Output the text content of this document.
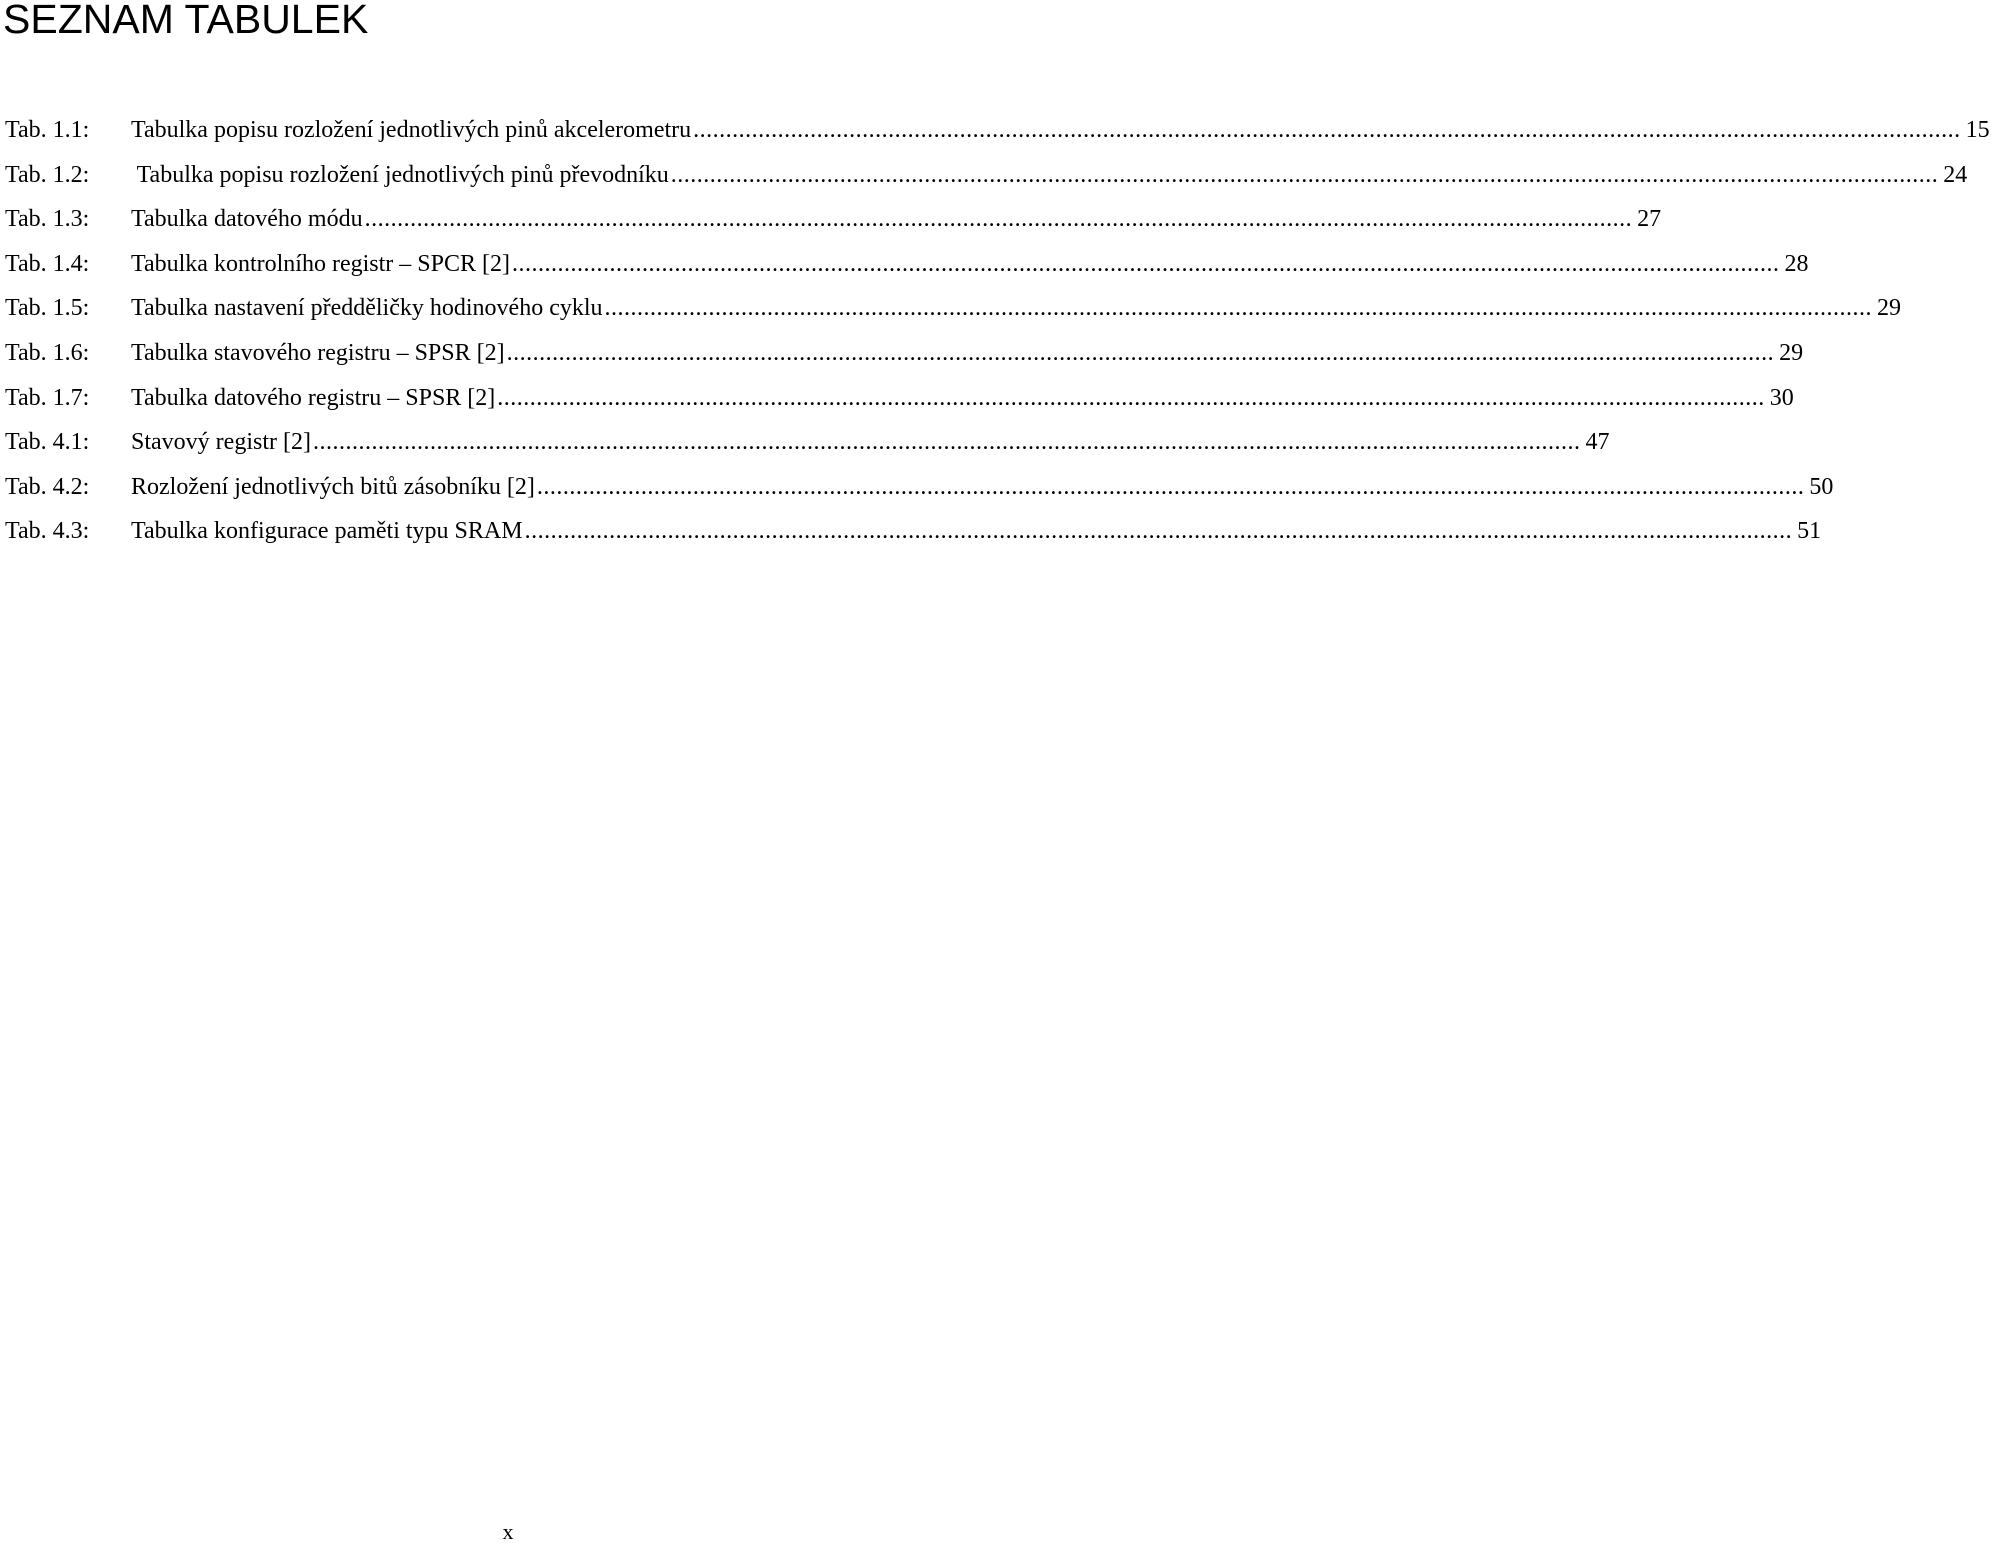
SEZNAM TABULEK
Tab. 1.1:	Tabulka popisu rozložení jednotlivých pinů akcelerometru .....	15
Tab. 1.2:	Tabulka popisu rozložení jednotlivých pinů převodníku .....	24
Tab. 1.3:	Tabulka datového módu .....	27
Tab. 1.4:	Tabulka kontrolního registr – SPCR [2] .....	28
Tab. 1.5:	Tabulka nastavení předděličky hodinového cyklu .....	29
Tab. 1.6:	Tabulka stavového registru – SPSR [2] .....	29
Tab. 1.7:	Tabulka datového registru – SPSR [2] .....	30
Tab. 4.1:	Stavový registr [2] .....	47
Tab. 4.2:	Rozložení jednotlivých bitů zásobníku [2] .....	50
Tab. 4.3:	Tabulka konfigurace paměti typu SRAM .....	51
x
